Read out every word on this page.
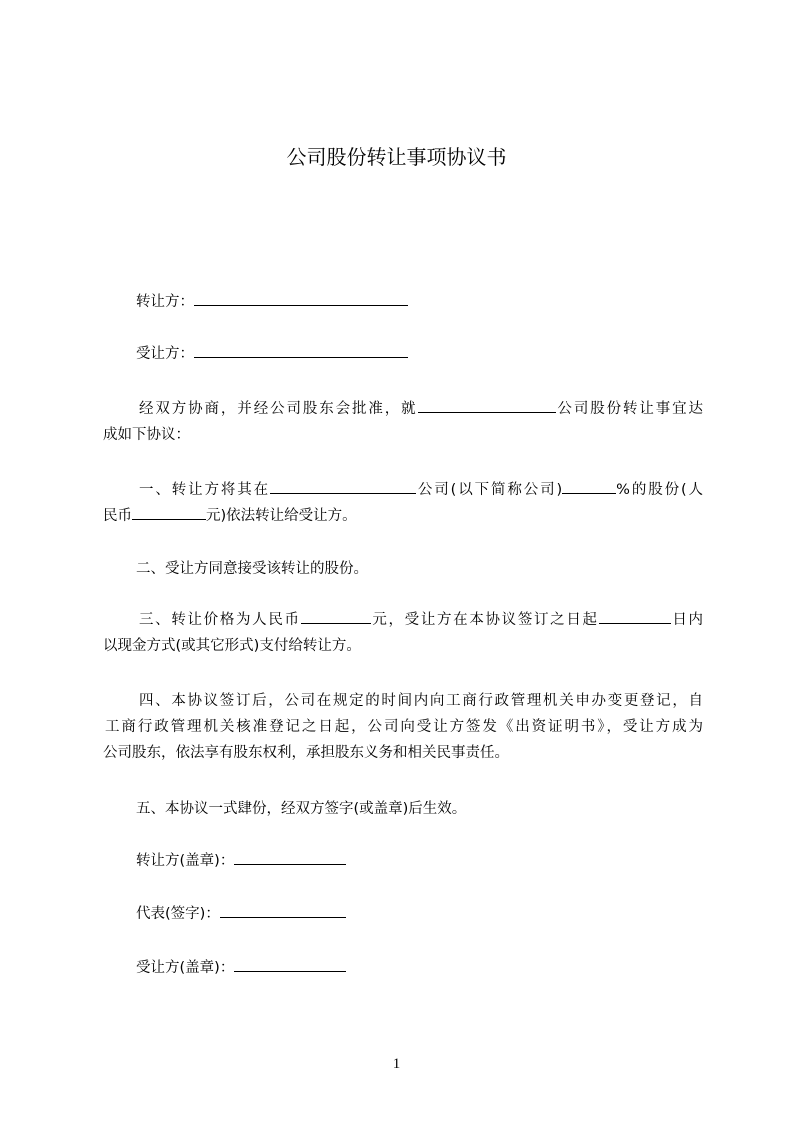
公司股份转让事项协议书
转让方：
受让方：
经双方协商，并经公司股东会批准，就	公司股份转让事宜达
成如下协议：
一、转让方将其在	公司(以下简称公司)	%的股份(人
民币	元)依法转让给受让方。
二、受让方同意接受该转让的股份。
三、转让价格为人民币	元，受让方在本协议签订之日起	日内
以现金方式(或其它形式)支付给转让方。
四、本协议签订后，公司在规定的时间内向工商行政管理机关申办变更登记，自
工商行政管理机关核准登记之日起，公司向受让方签发《出资证明书》，受让方成为
公司股东，依法享有股东权利，承担股东义务和相关民事责任。
五、本协议一式肆份，经双方签字(或盖章)后生效。
转让方(盖章)：
代表(签字)：
受让方(盖章)：
1
